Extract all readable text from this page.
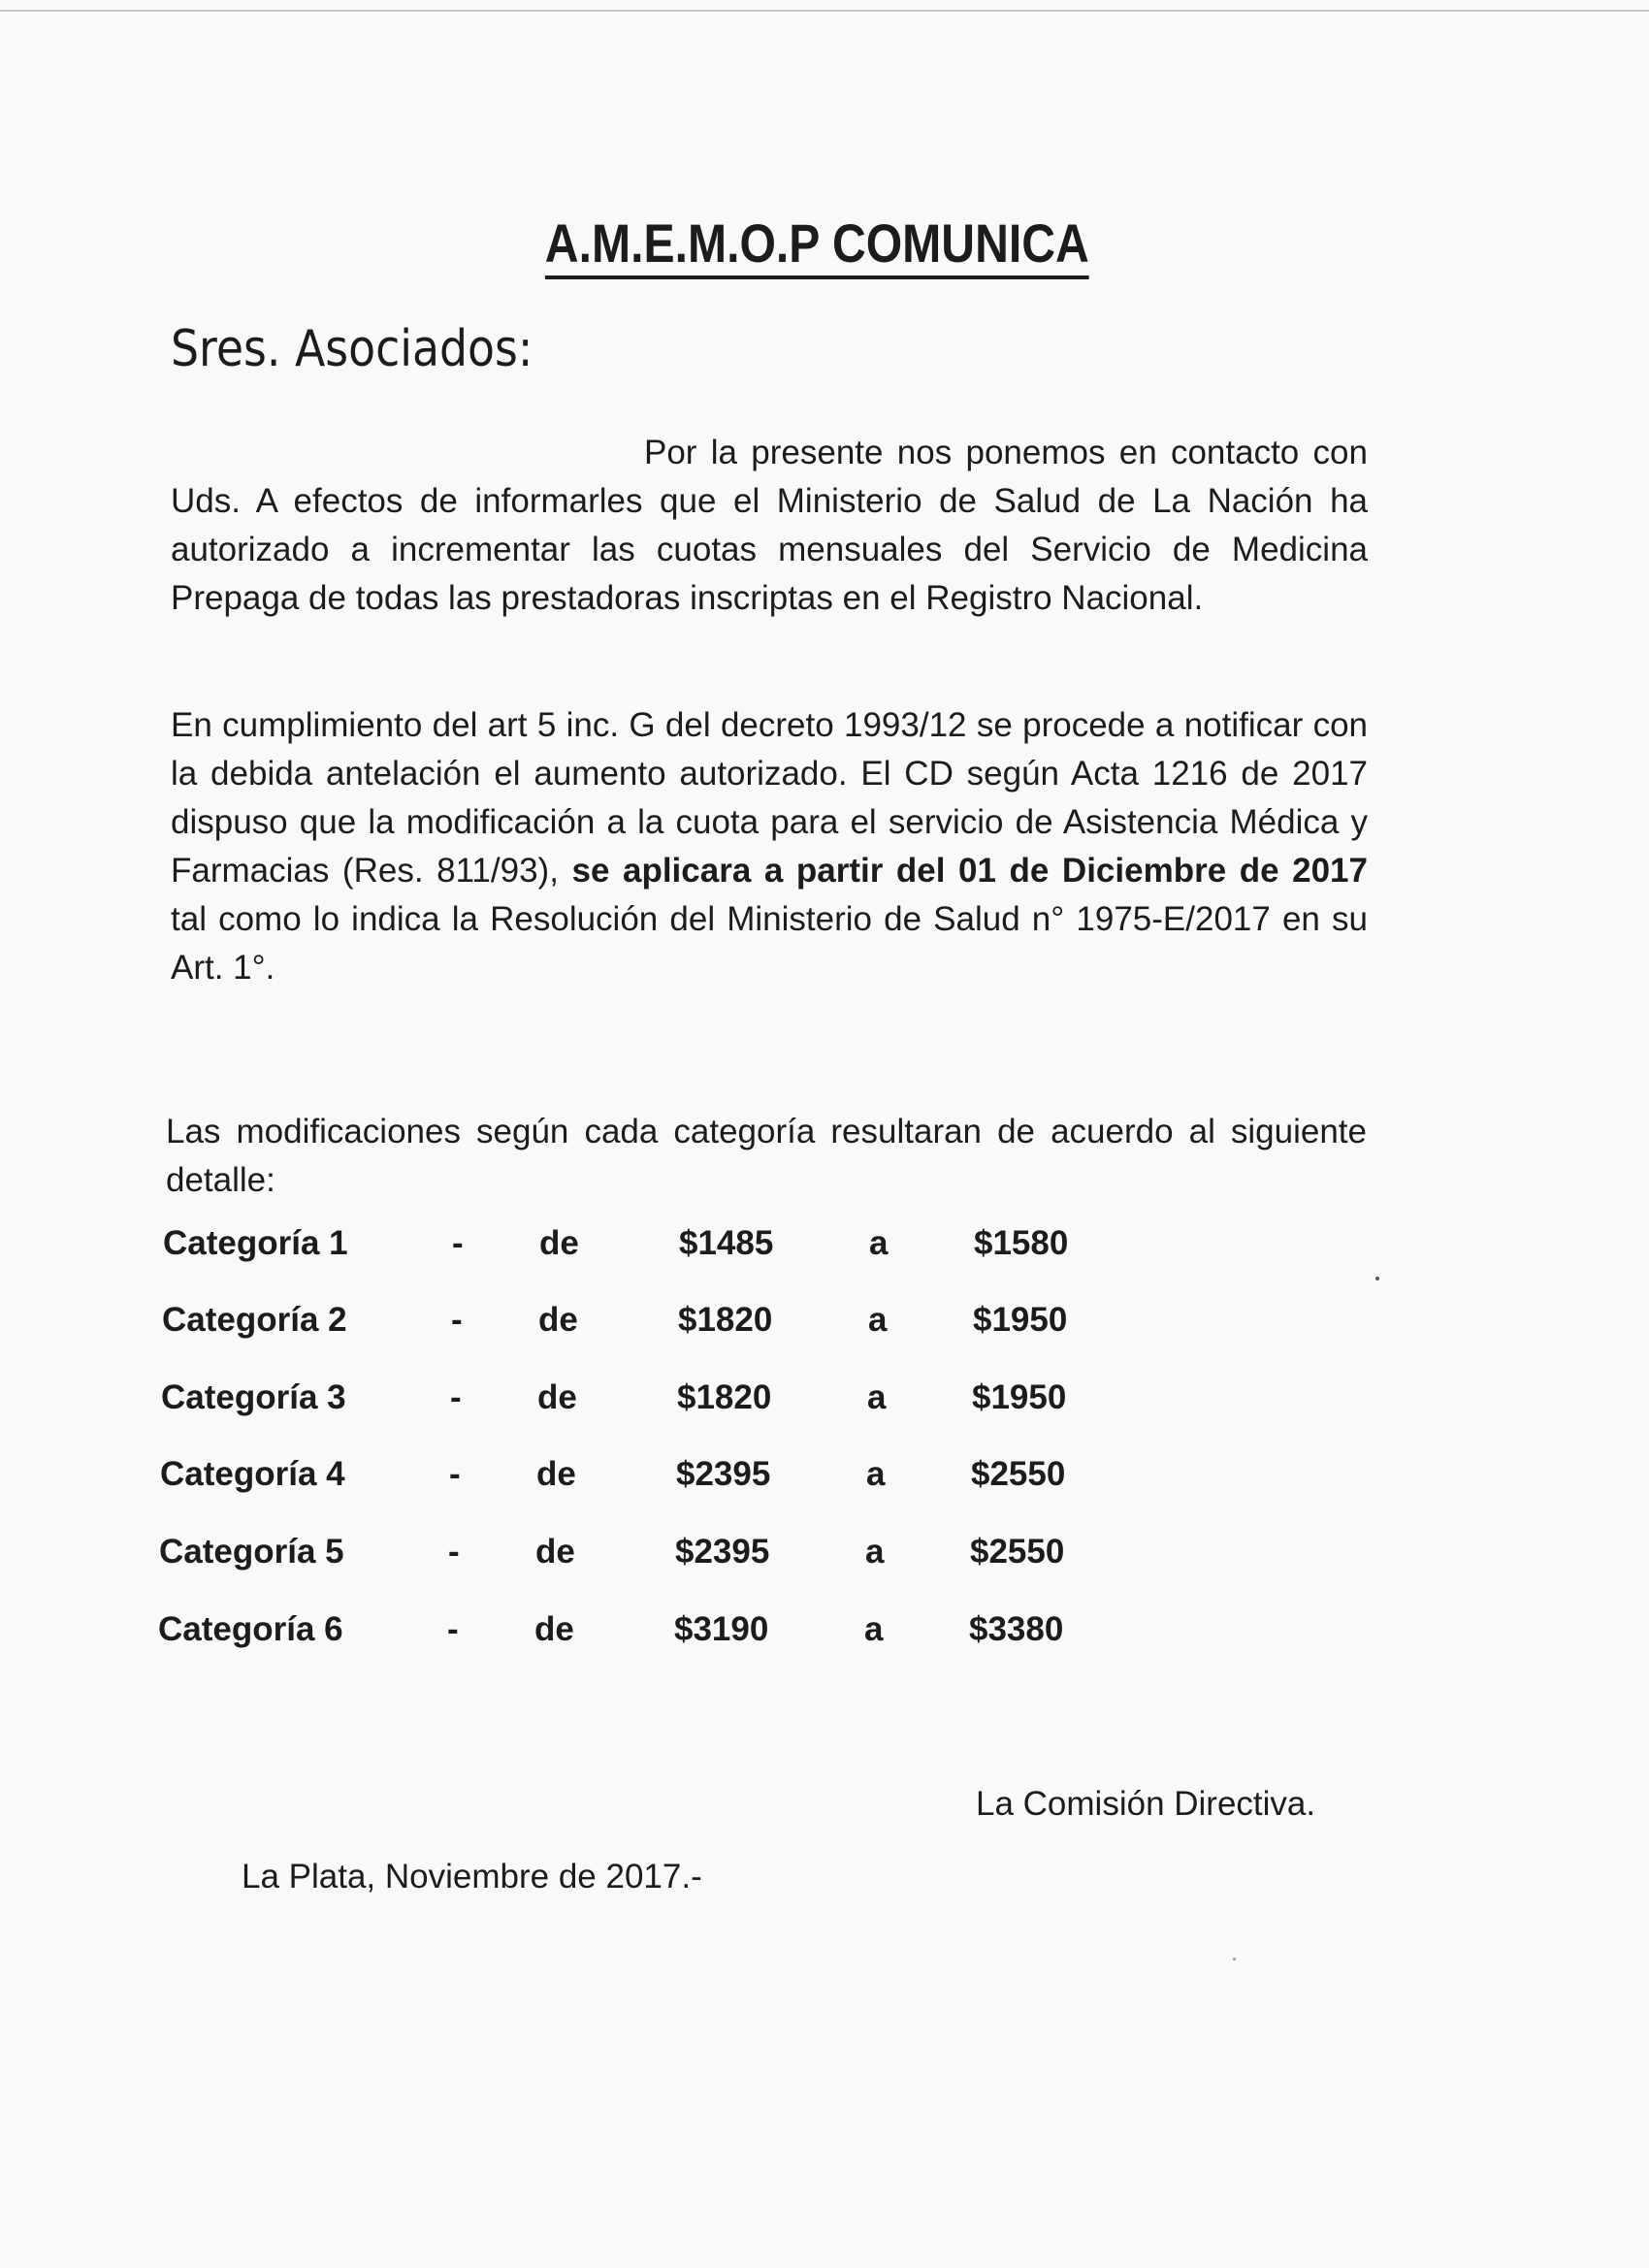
A.M.E.M.O.P COMUNICA
Sres. Asociados:

Por la presente nos ponemos en contacto con Uds. A efectos de informarles que el Ministerio de Salud de La Nación ha autorizado a incrementar las cuotas mensuales del Servicio de Medicina Prepaga de todas las prestadoras inscriptas en el Registro Nacional.

En cumplimiento del art 5 inc. G del decreto 1993/12 se procede a notificar con la debida antelación el aumento autorizado. El CD según Acta 1216 de 2017 dispuso que la modificación a la cuota para el servicio de Asistencia Médica y Farmacias (Res. 811/93), se aplicara a partir del 01 de Diciembre de 2017 tal como lo indica la Resolución del Ministerio de Salud n° 1975-E/2017 en su Art. 1°.

Las modificaciones según cada categoría resultaran de acuerdo al siguiente detalle:

Categoría 1	- de	$1485	a	$1580
Categoría 2	- de	$1820	a	$1950
Categoría 3	- de	$1820	a	$1950
Categoría 4	- de	$2395	a	$2550
Categoría 5	- de	$2395	a	$2550
Categoría 6	- de	$3190	a	$3380

La Comisión Directiva.

La Plata, Noviembre de 2017.-
